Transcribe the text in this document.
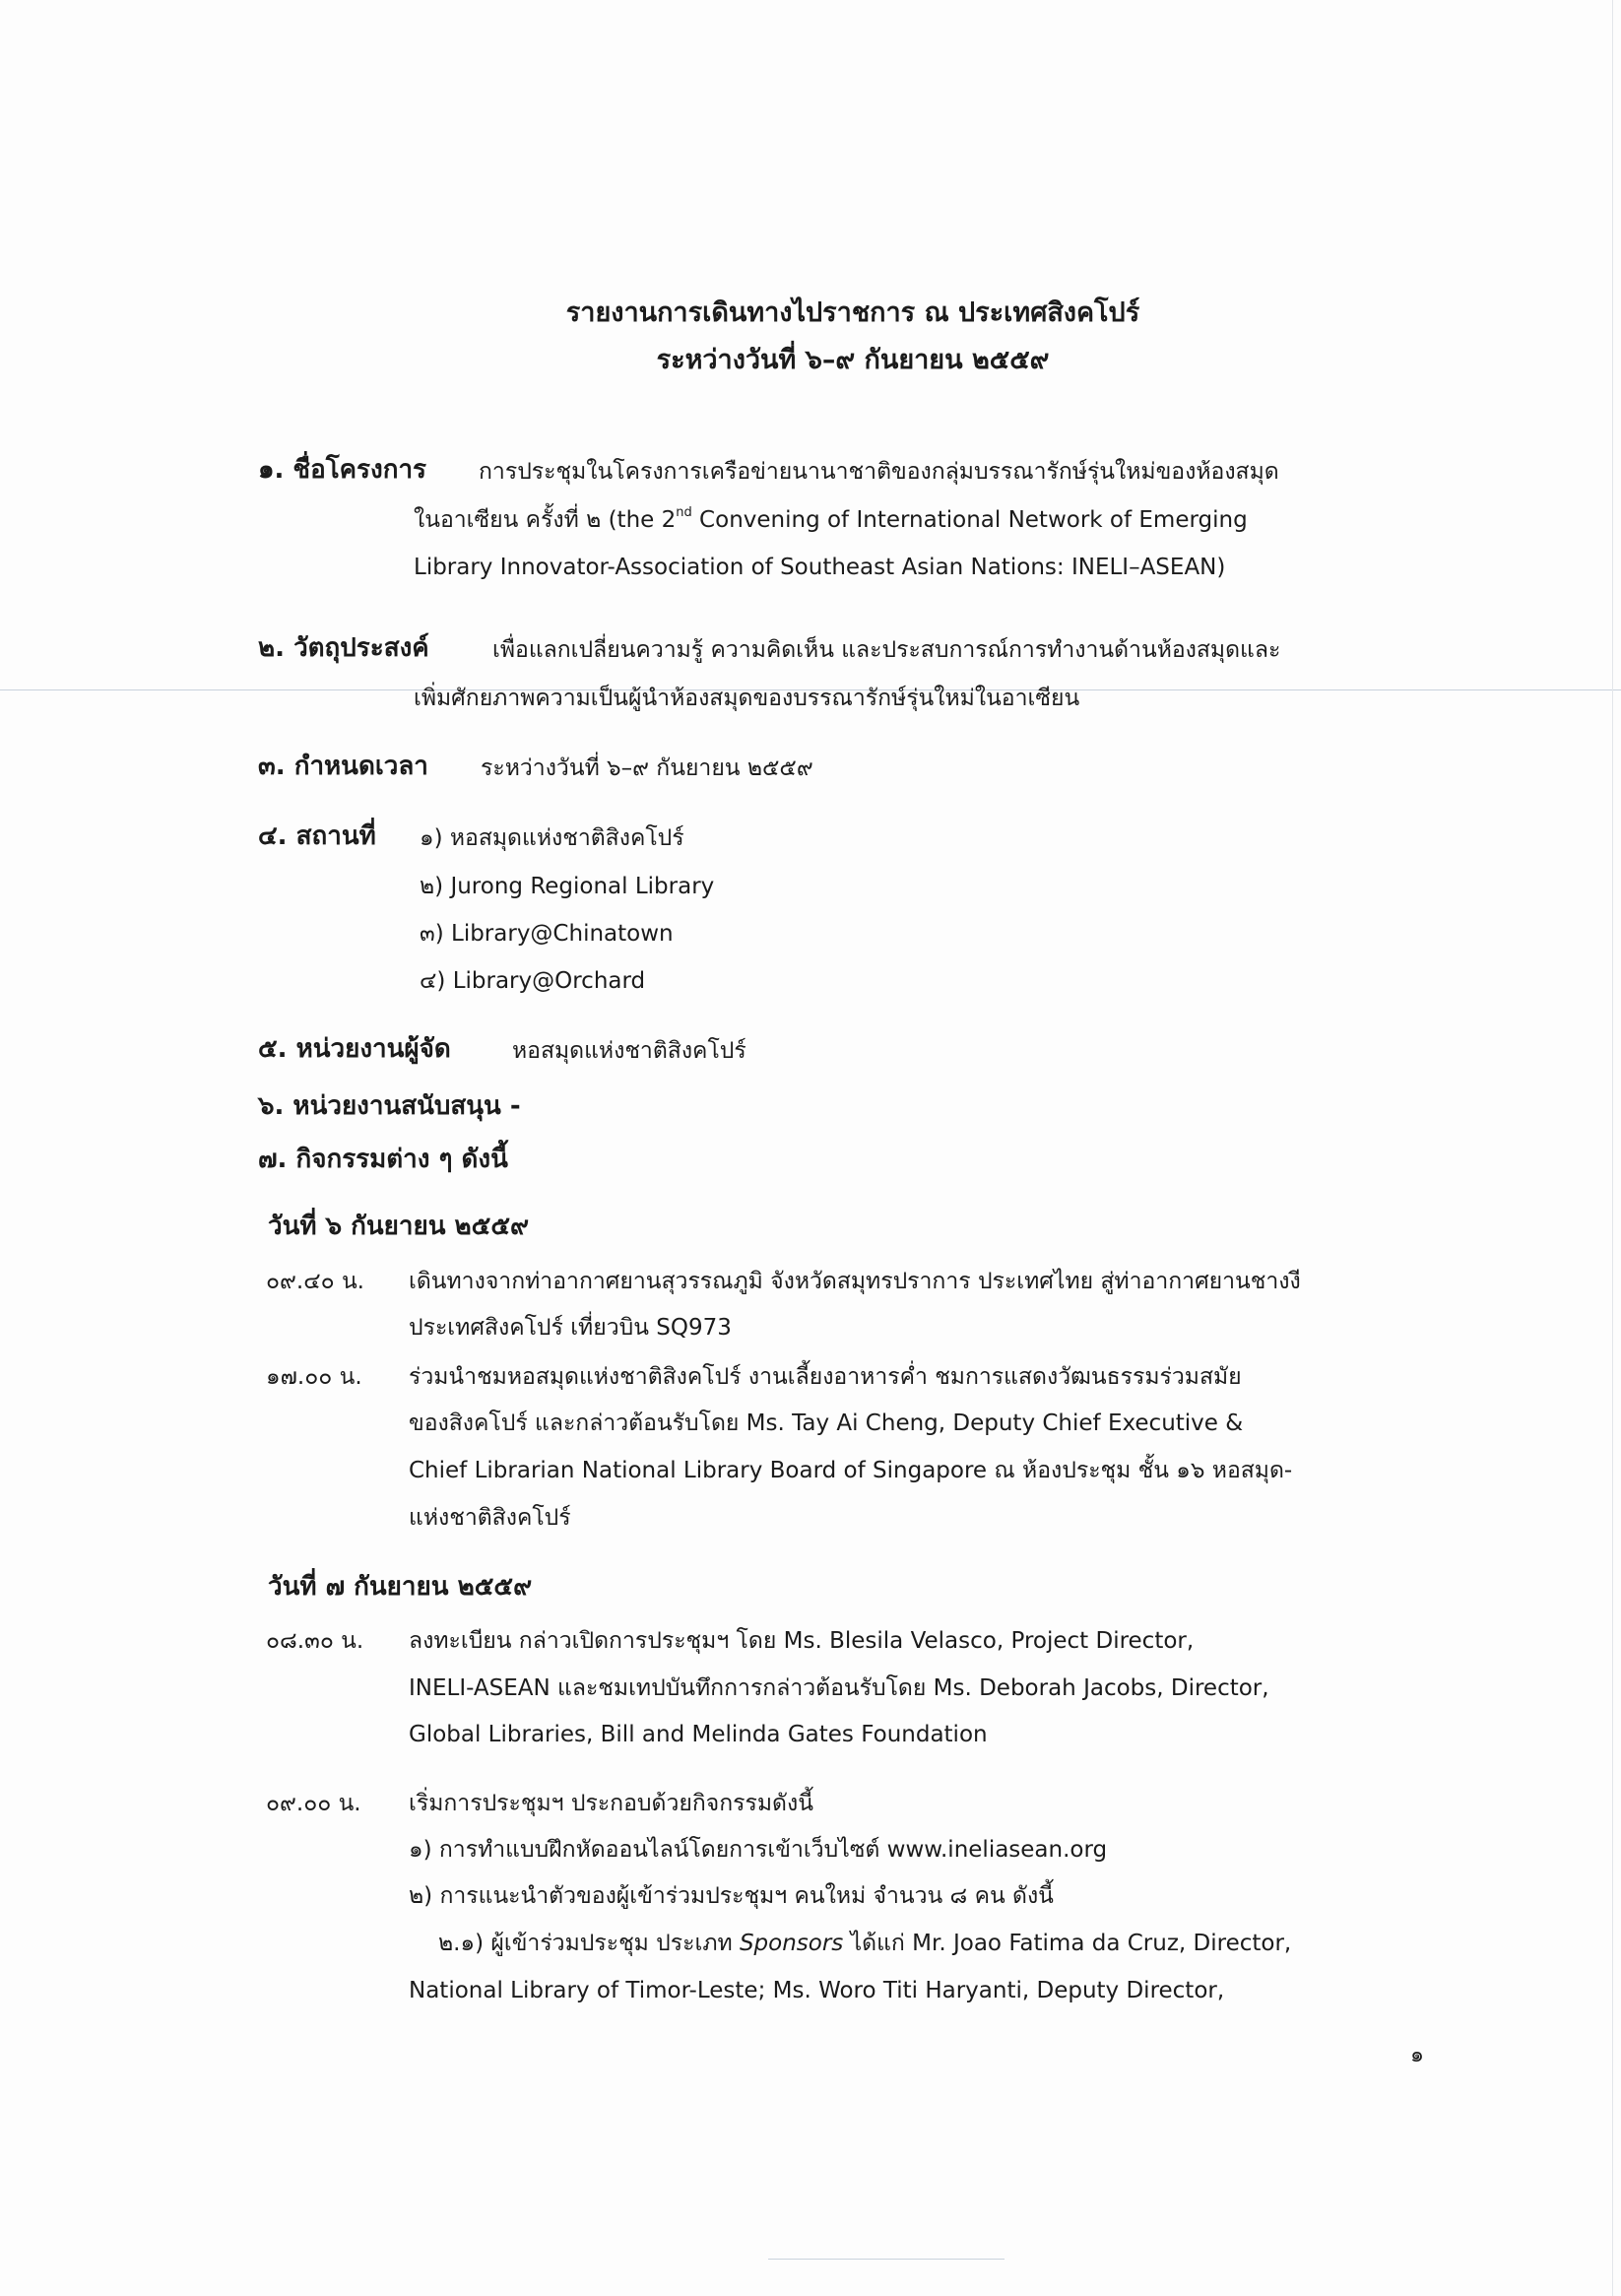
รายงานการเดินทางไปราชการ ณ ประเทศสิงคโปร์
ระหว่างวันที่ ๖–๙ กันยายน ๒๕๕๙
๑. ชื่อโครงการ การประชุมในโครงการเครือข่ายนานาชาติของกลุ่มบรรณารักษ์รุ่นใหม่ของห้องสมุด
ในอาเซียน ครั้งที่ ๒ (the 2nd Convening of International Network of Emerging
Library Innovator-Association of Southeast Asian Nations: INELI–ASEAN)
๒. วัตถุประสงค์	เพื่อแลกเปลี่ยนความรู้ ความคิดเห็น และประสบการณ์การทำงานด้านห้องสมุดและ
เพิ่มศักยภาพความเป็นผู้นำห้องสมุดของบรรณารักษ์รุ่นใหม่ในอาเซียน
๓. กำหนดเวลา ระหว่างวันที่ ๖–๙ กันยายน ๒๕๕๙
๔. สถานที่ ๑) หอสมุดแห่งชาติสิงคโปร์
๒) Jurong Regional Library
๓) Library@Chinatown
๔) Library@Orchard
๕. หน่วยงานผู้จัด	หอสมุดแห่งชาติสิงคโปร์
๖. หน่วยงานสนับสนุน -
๗. กิจกรรมต่าง ๆ ดังนี้
วันที่ ๖ กันยายน ๒๕๕๙
๐๙.๔๐ น. เดินทางจากท่าอากาศยานสุวรรณภูมิ จังหวัดสมุทรปราการ ประเทศไทย สู่ท่าอากาศยานชางงี
ประเทศสิงคโปร์ เที่ยวบิน SQ973
๑๗.๐๐ น. ร่วมนำชมหอสมุดแห่งชาติสิงคโปร์ งานเลี้ยงอาหารค่ำ ชมการแสดงวัฒนธรรมร่วมสมัย
ของสิงคโปร์ และกล่าวต้อนรับโดย Ms. Tay Ai Cheng, Deputy Chief Executive &
Chief Librarian National Library Board of Singapore ณ ห้องประชุม ชั้น ๑๖ หอสมุด-
แห่งชาติสิงคโปร์
วันที่ ๗ กันยายน ๒๕๕๙
๐๘.๓๐ น. ลงทะเบียน กล่าวเปิดการประชุมฯ โดย Ms. Blesila Velasco, Project Director,
INELI-ASEAN และชมเทปบันทึกการกล่าวต้อนรับโดย Ms. Deborah Jacobs, Director,
Global Libraries, Bill and Melinda Gates Foundation
๐๙.๐๐ น. เริ่มการประชุมฯ ประกอบด้วยกิจกรรมดังนี้
๑) การทำแบบฝึกหัดออนไลน์โดยการเข้าเว็บไซต์ www.ineliasean.org
๒) การแนะนำตัวของผู้เข้าร่วมประชุมฯ คนใหม่ จำนวน ๘ คน ดังนี้
๒.๑) ผู้เข้าร่วมประชุม ประเภท Sponsors ได้แก่ Mr. Joao Fatima da Cruz, Director,
National Library of Timor-Leste; Ms. Woro Titi Haryanti, Deputy Director,
๑
